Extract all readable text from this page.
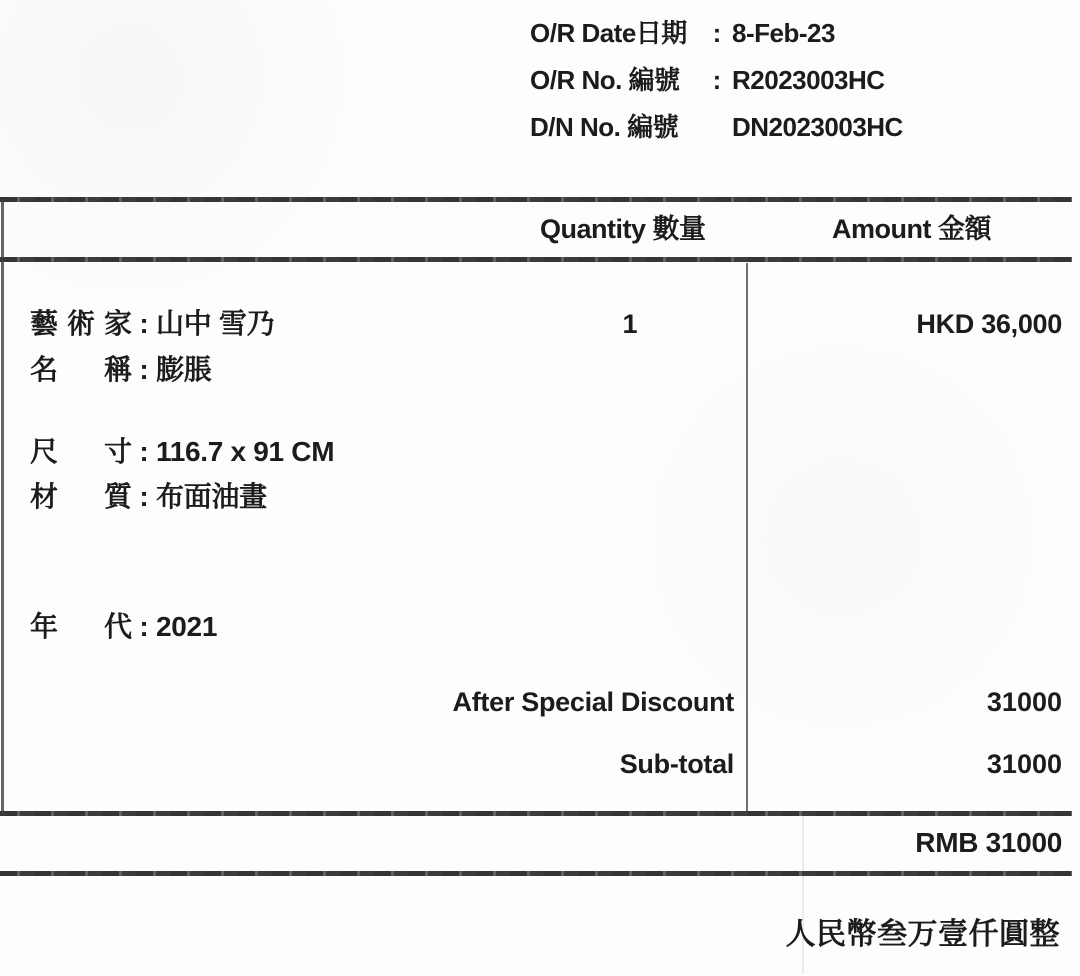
O/R Date日期 : 8-Feb-23
O/R No. 編號	: R2023003HC
D/N No. 編號	DN2023003HC
Quantity 數量	Amount 金額
藝術家 : 山中 雪乃
名 稱 : 膨脹
尺 寸 : 116.7 x 91 CM
材 質 : 布面油畫
年 代 : 2021
1	HKD 36,000
After Special Discount	31000
Sub-total	31000
RMB 31000
人民幣叁万壹仟圓整
